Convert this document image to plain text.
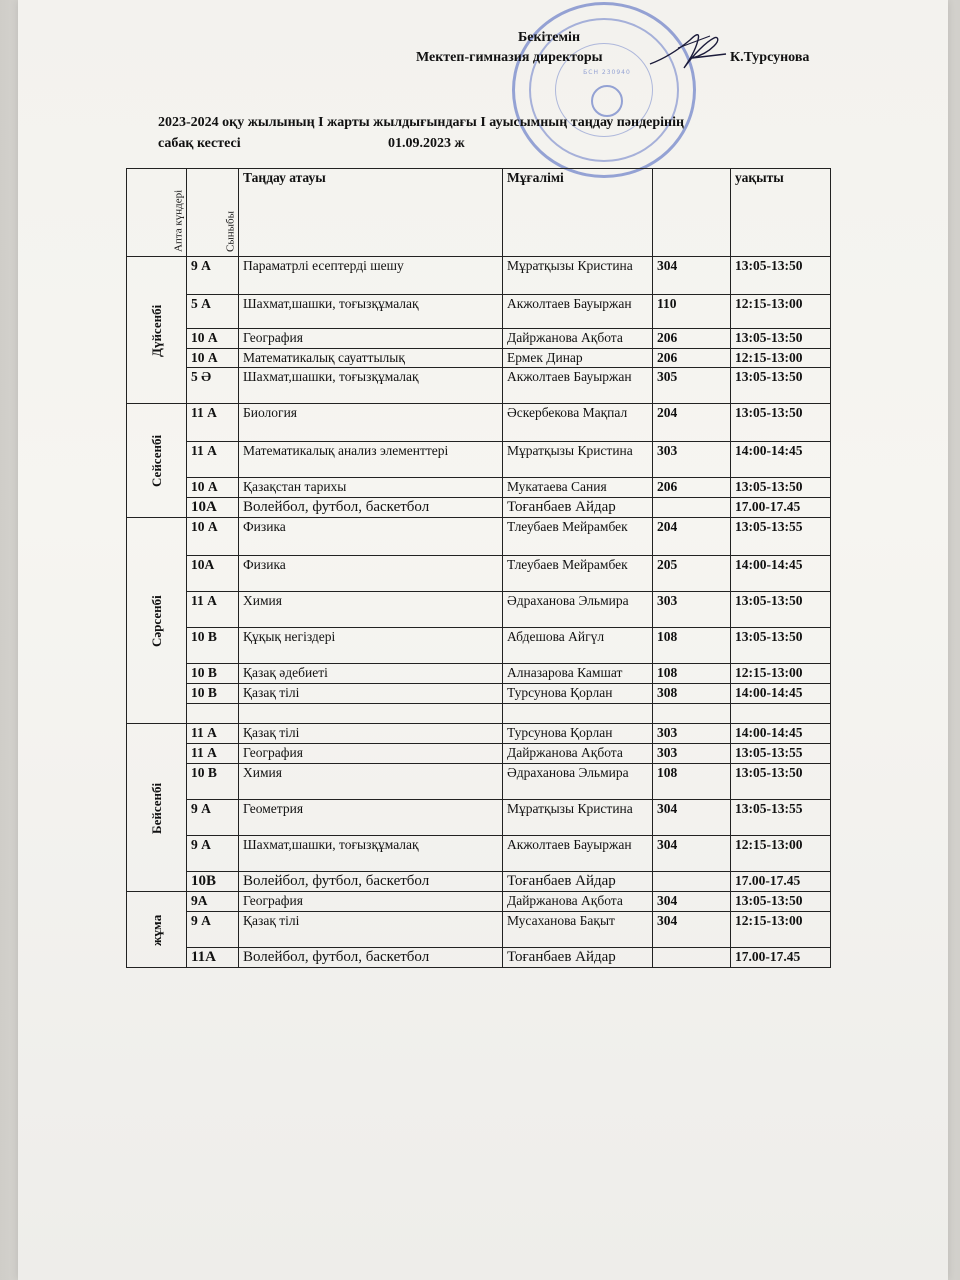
БСН 230940
Бекітемін
Мектеп-гимназия директоры	К.Турсунова
2023-2024 оқу жылының І жарты жылдығындағы І ауысымның таңдау пәндерінің
сабақ кестесі	01.09.2023 ж
Апта күндері	Сыныбы	Таңдау атауы	Мұғалімі		уақыты
Дүйсенбі	9 А	Параматрлі есептерді шешу	Мұратқызы Кристина	304	13:05-13:50
	5 А	Шахмат,шашки, тоғызқұмалақ	Акжолтаев Бауыржан	110	12:15-13:00
	10 А	География	Дайржанова Ақбота	206	13:05-13:50
	10 А	Математикалық сауаттылық	Ермек Динар	206	12:15-13:00
	5 Ә	Шахмат,шашки, тоғызқұмалақ	Акжолтаев Бауыржан	305	13:05-13:50
Сейсенбі	11 А	Биология	Әскербекова Мақпал	204	13:05-13:50
	11 А	Математикалық анализ элементтері	Мұратқызы Кристина	303	14:00-14:45
	10 А	Қазақстан тарихы	Мукатаева Сания	206	13:05-13:50
	10А	Волейбол, футбол, баскетбол	Тоғанбаев Айдар		17.00-17.45
Сәрсенбі	10 А	Физика	Тлеубаев Мейрамбек	204	13:05-13:55
	10А	Физика	Тлеубаев Мейрамбек	205	14:00-14:45
	11 А	Химия	Әдраханова Эльмира	303	13:05-13:50
	10 В	Құқық негіздері	Абдешова Айгүл	108	13:05-13:50
	10 В	Қазақ әдебиеті	Алназарова Камшат	108	12:15-13:00
	10 В	Қазақ тілі	Турсунова Қорлан	308	14:00-14:45

Бейсенбі	11 А	Қазақ тілі	Турсунова Қорлан	303	14:00-14:45
	11 А	География	Дайржанова Ақбота	303	13:05-13:55
	10 В	Химия	Әдраханова Эльмира	108	13:05-13:50
	9 А	Геометрия	Мұратқызы Кристина	304	13:05-13:55
	9 А	Шахмат,шашки, тоғызқұмалақ	Акжолтаев Бауыржан	304	12:15-13:00
	10В	Волейбол, футбол, баскетбол	Тоғанбаев Айдар		17.00-17.45
жұма	9А	География	Дайржанова Ақбота	304	13:05-13:50
	9 А	Қазақ тілі	Мусаханова Бақыт	304	12:15-13:00
	11А	Волейбол, футбол, баскетбол	Тоғанбаев Айдар		17.00-17.45
